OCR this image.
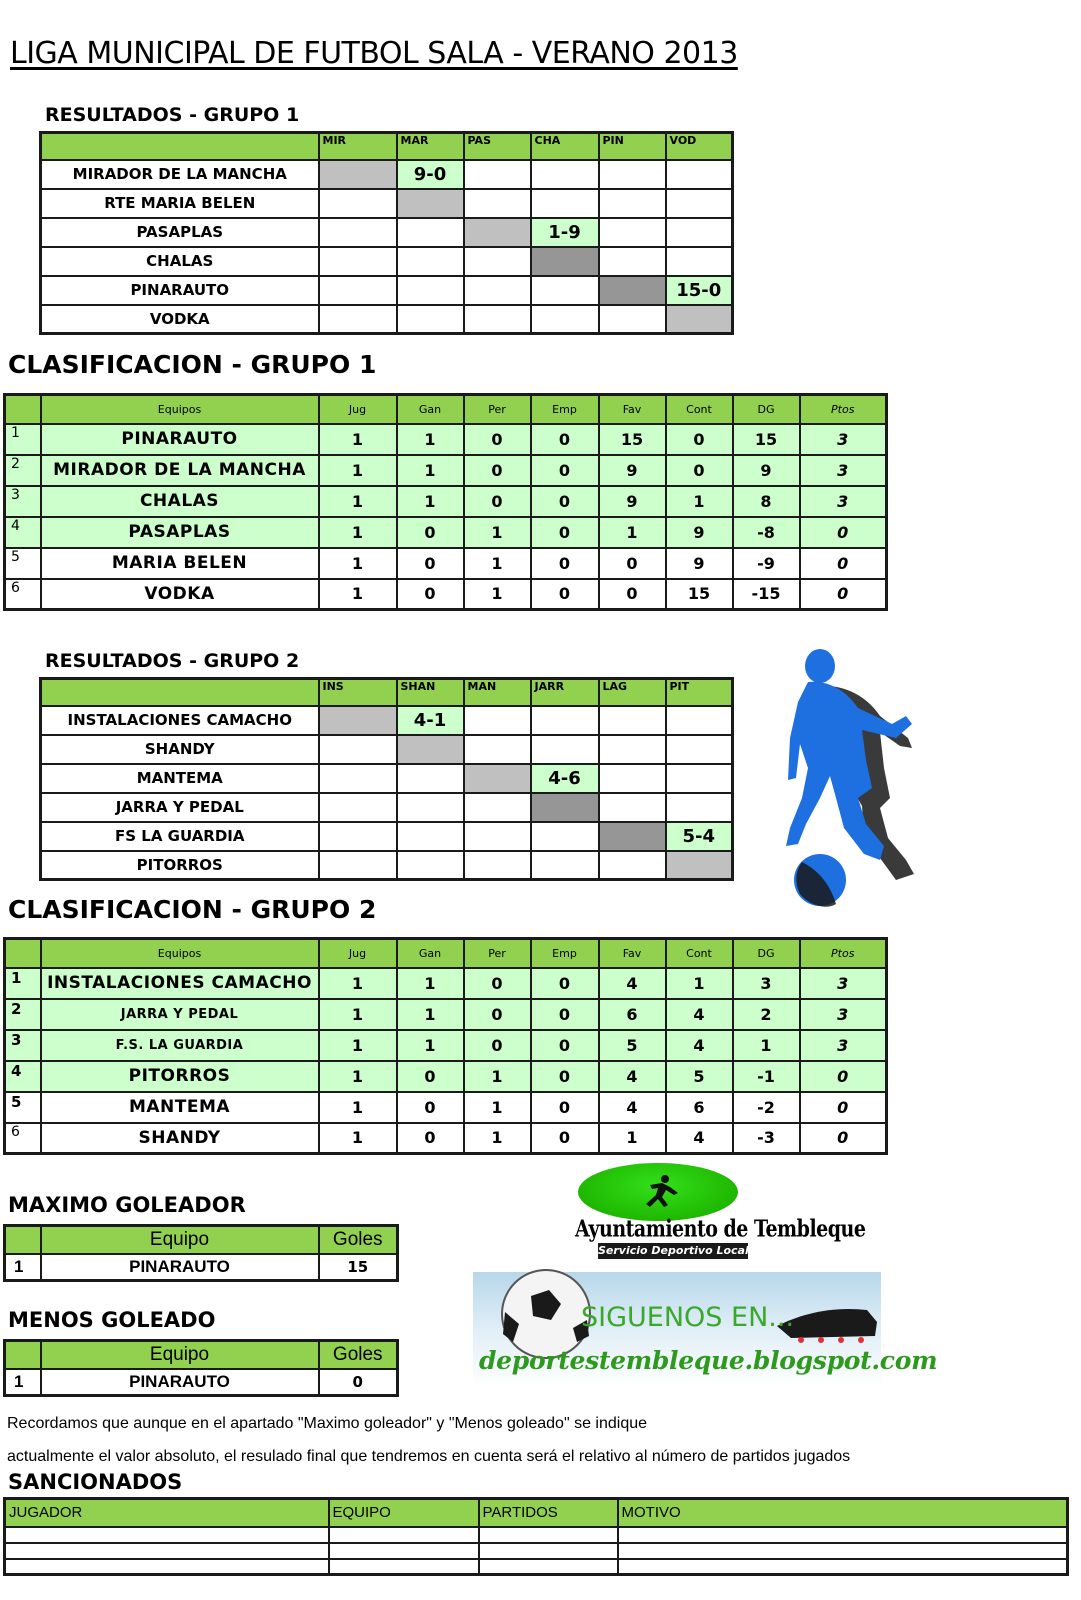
LIGA MUNICIPAL DE FUTBOL SALA - VERANO 2013
RESULTADOS - GRUPO 1
	MIR	MAR	PAS	CHA	PIN	VOD
MIRADOR DE LA MANCHA		9-0				
RTE MARIA BELEN						
PASAPLAS				1-9		
CHALAS						
PINARAUTO						15-0
VODKA						
CLASIFICACION - GRUPO 1
	Equipos	Jug	Gan	Per	Emp	Fav	Cont	DG	Ptos
1	PINARAUTO	1	1	0	0	15	0	15	3
2	MIRADOR DE LA MANCHA	1	1	0	0	9	0	9	3
3	CHALAS	1	1	0	0	9	1	8	3
4	PASAPLAS	1	0	1	0	1	9	-8	0
5	MARIA BELEN	1	0	1	0	0	9	-9	0
6	VODKA	1	0	1	0	0	15	-15	0
RESULTADOS - GRUPO 2
	INS	SHAN	MAN	JARR	LAG	PIT
INSTALACIONES CAMACHO		4-1				
SHANDY						
MANTEMA				4-6		
JARRA Y PEDAL						
FS LA GUARDIA						5-4
PITORROS						
CLASIFICACION - GRUPO 2
	Equipos	Jug	Gan	Per	Emp	Fav	Cont	DG	Ptos
1	INSTALACIONES CAMACHO	1	1	0	0	4	1	3	3
2	JARRA Y PEDAL	1	1	0	0	6	4	2	3
3	F.S. LA GUARDIA	1	1	0	0	5	4	1	3
4	PITORROS	1	0	1	0	4	5	-1	0
5	MANTEMA	1	0	1	0	4	6	-2	0
6	SHANDY	1	0	1	0	1	4	-3	0
MAXIMO GOLEADOR
	Equipo	Goles
1	PINARAUTO	15
Ayuntamiento de Tembleque
Servicio Deportivo Local
MENOS GOLEADO
	Equipo	Goles
1	PINARAUTO	0
SIGUENOS EN...
deportestembleque.blogspot.com
Recordamos que aunque en el apartado "Maximo goleador" y "Menos goleado" se indique
actualmente el valor absoluto, el resulado final que tendremos en cuenta será el relativo al número de partidos jugados
SANCIONADOS
JUGADOR	EQUIPO	PARTIDOS	MOTIVO
